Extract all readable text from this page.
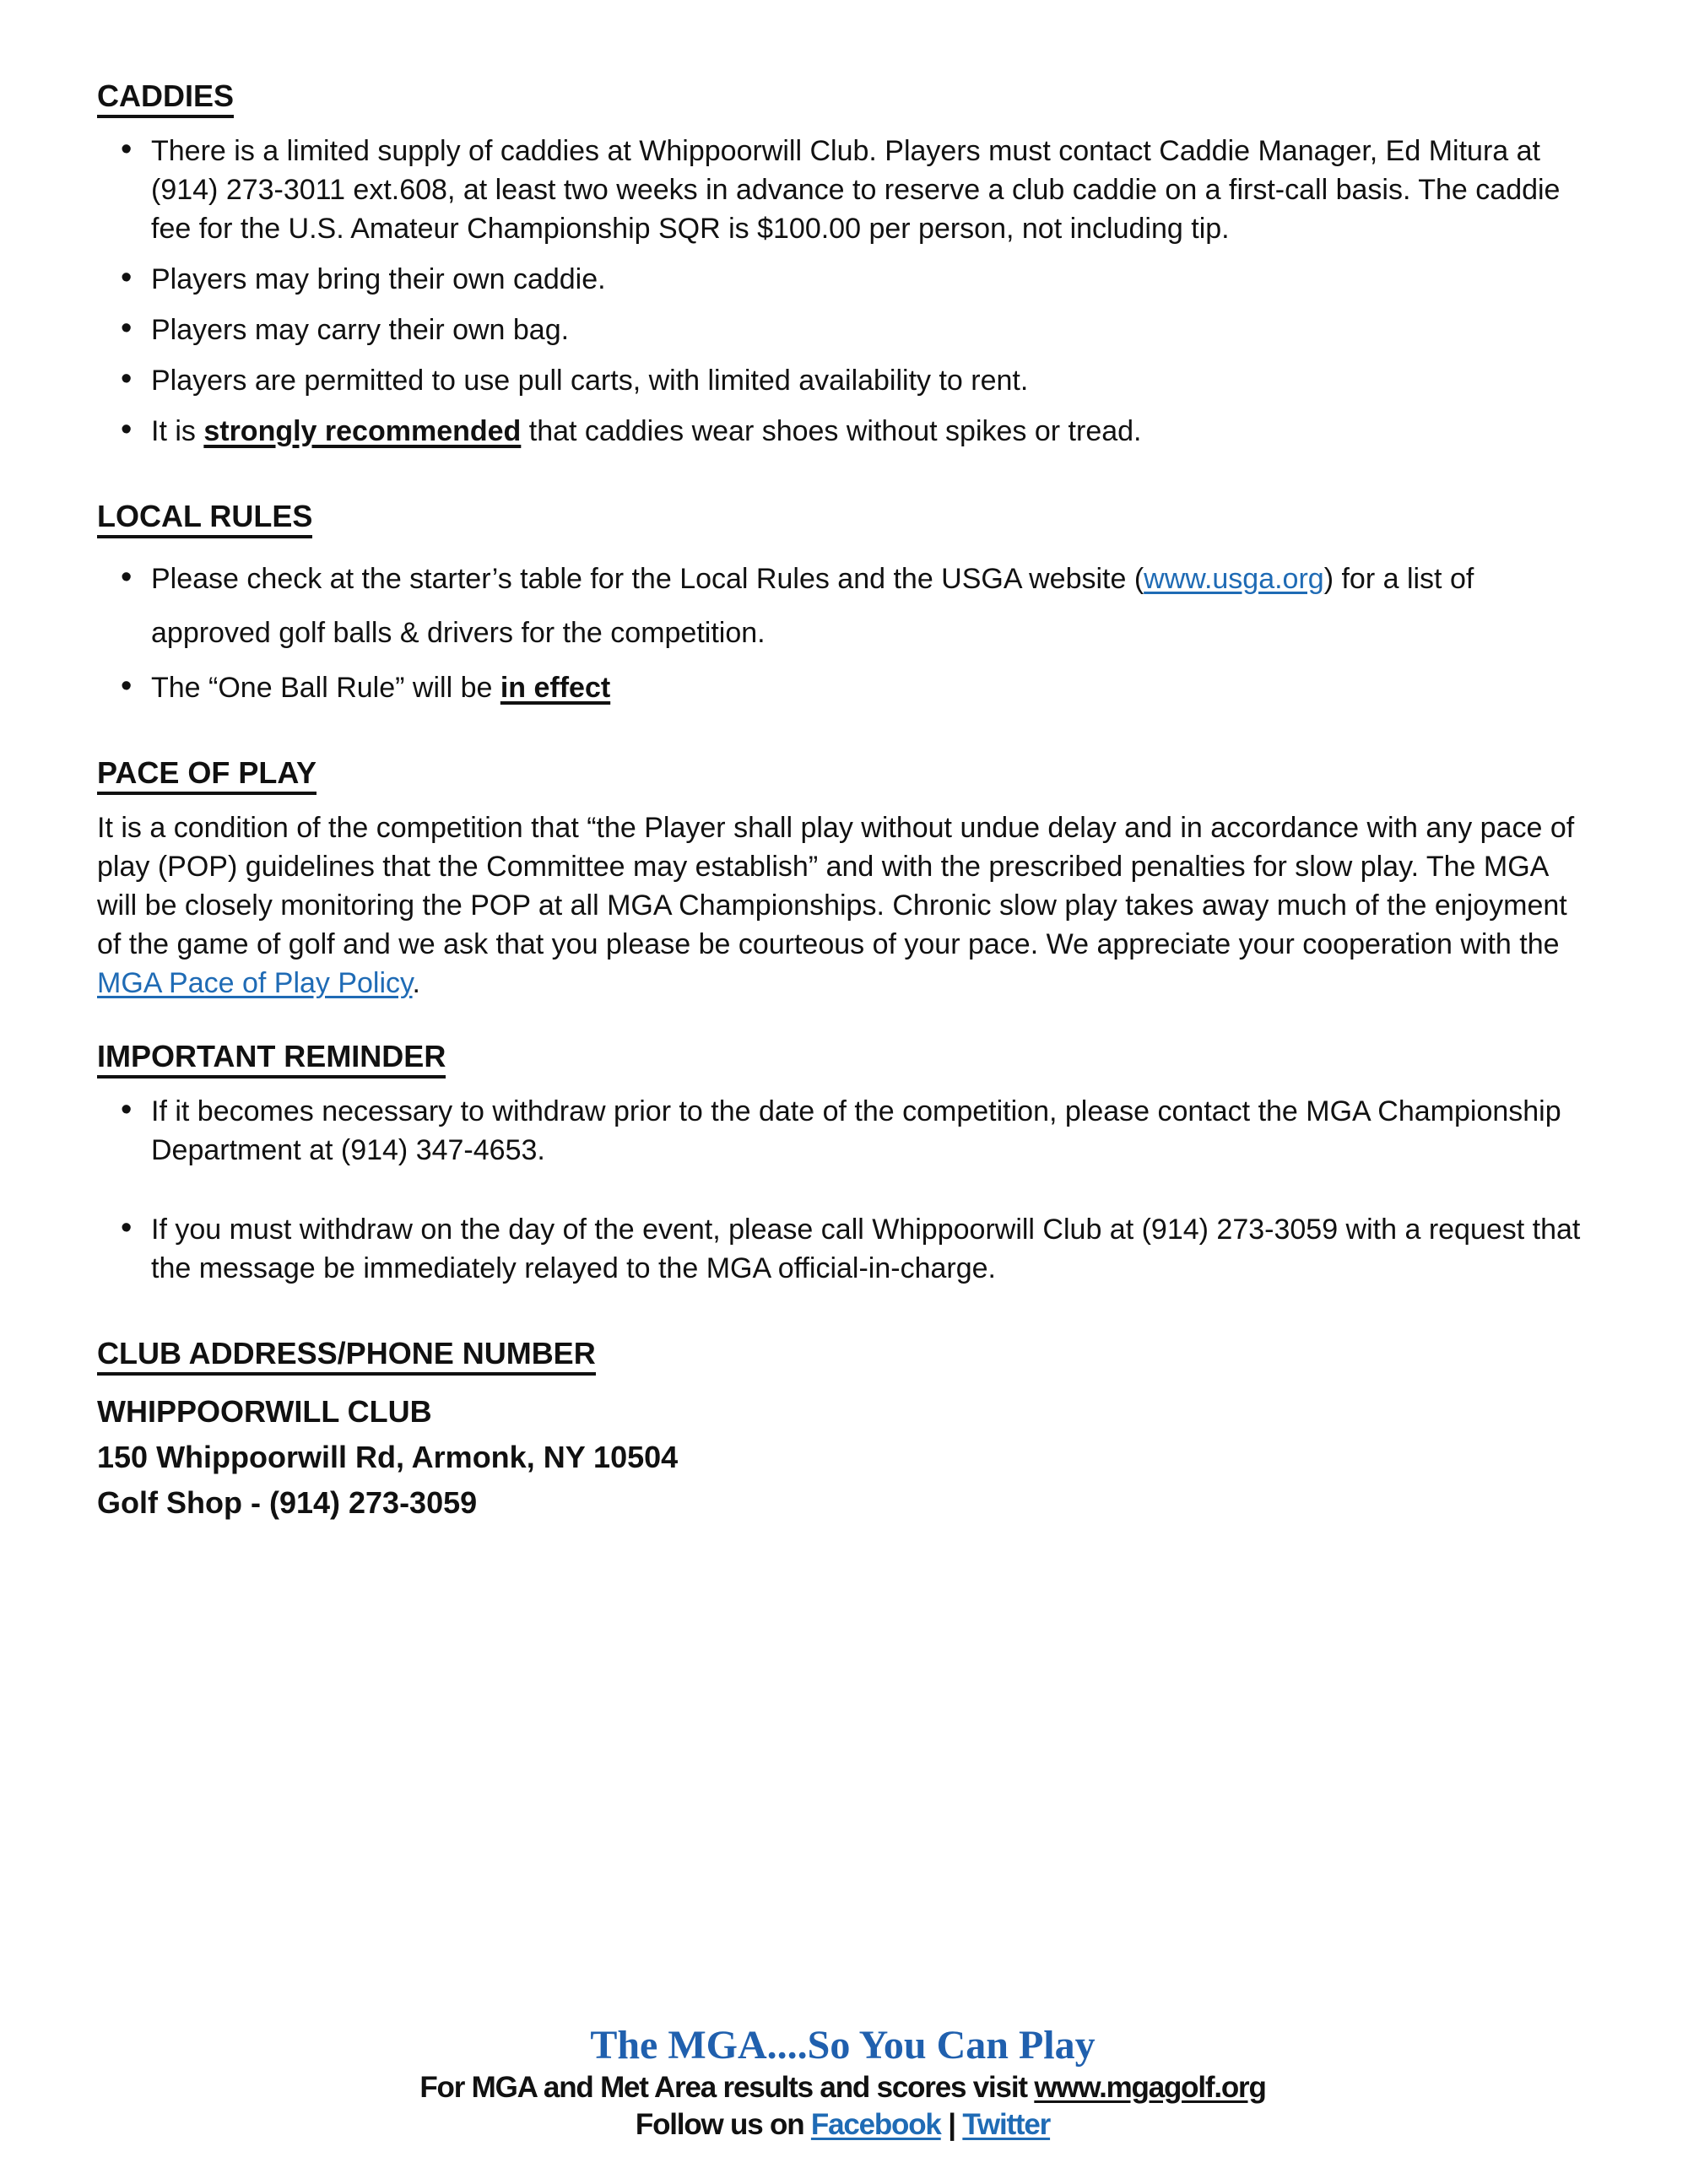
CADDIES
• There is a limited supply of caddies at Whippoorwill Club. Players must contact Caddie Manager, Ed Mitura at (914) 273-3011 ext.608, at least two weeks in advance to reserve a club caddie on a first-call basis. The caddie fee for the U.S. Amateur Championship SQR is $100.00 per person, not including tip.
• Players may bring their own caddie.
• Players may carry their own bag.
• Players are permitted to use pull carts, with limited availability to rent.
• It is strongly recommended that caddies wear shoes without spikes or tread.
LOCAL RULES
• Please check at the starter’s table for the Local Rules and the USGA website (www.usga.org) for a list of approved golf balls & drivers for the competition.
• The “One Ball Rule” will be in effect
PACE OF PLAY
It is a condition of the competition that “the Player shall play without undue delay and in accordance with any pace of play (POP) guidelines that the Committee may establish” and with the prescribed penalties for slow play. The MGA will be closely monitoring the POP at all MGA Championships. Chronic slow play takes away much of the enjoyment of the game of golf and we ask that you please be courteous of your pace. We appreciate your cooperation with the MGA Pace of Play Policy.
IMPORTANT REMINDER
• If it becomes necessary to withdraw prior to the date of the competition, please contact the MGA Championship Department at (914) 347-4653.
• If you must withdraw on the day of the event, please call Whippoorwill Club at (914) 273-3059 with a request that the message be immediately relayed to the MGA official-in-charge.
CLUB ADDRESS/PHONE NUMBER
WHIPPOORWILL CLUB
150 Whippoorwill Rd, Armonk, NY 10504
Golf Shop - (914) 273-3059
The MGA....So You Can Play
For MGA and Met Area results and scores visit www.mgagolf.org
Follow us on Facebook | Twitter
